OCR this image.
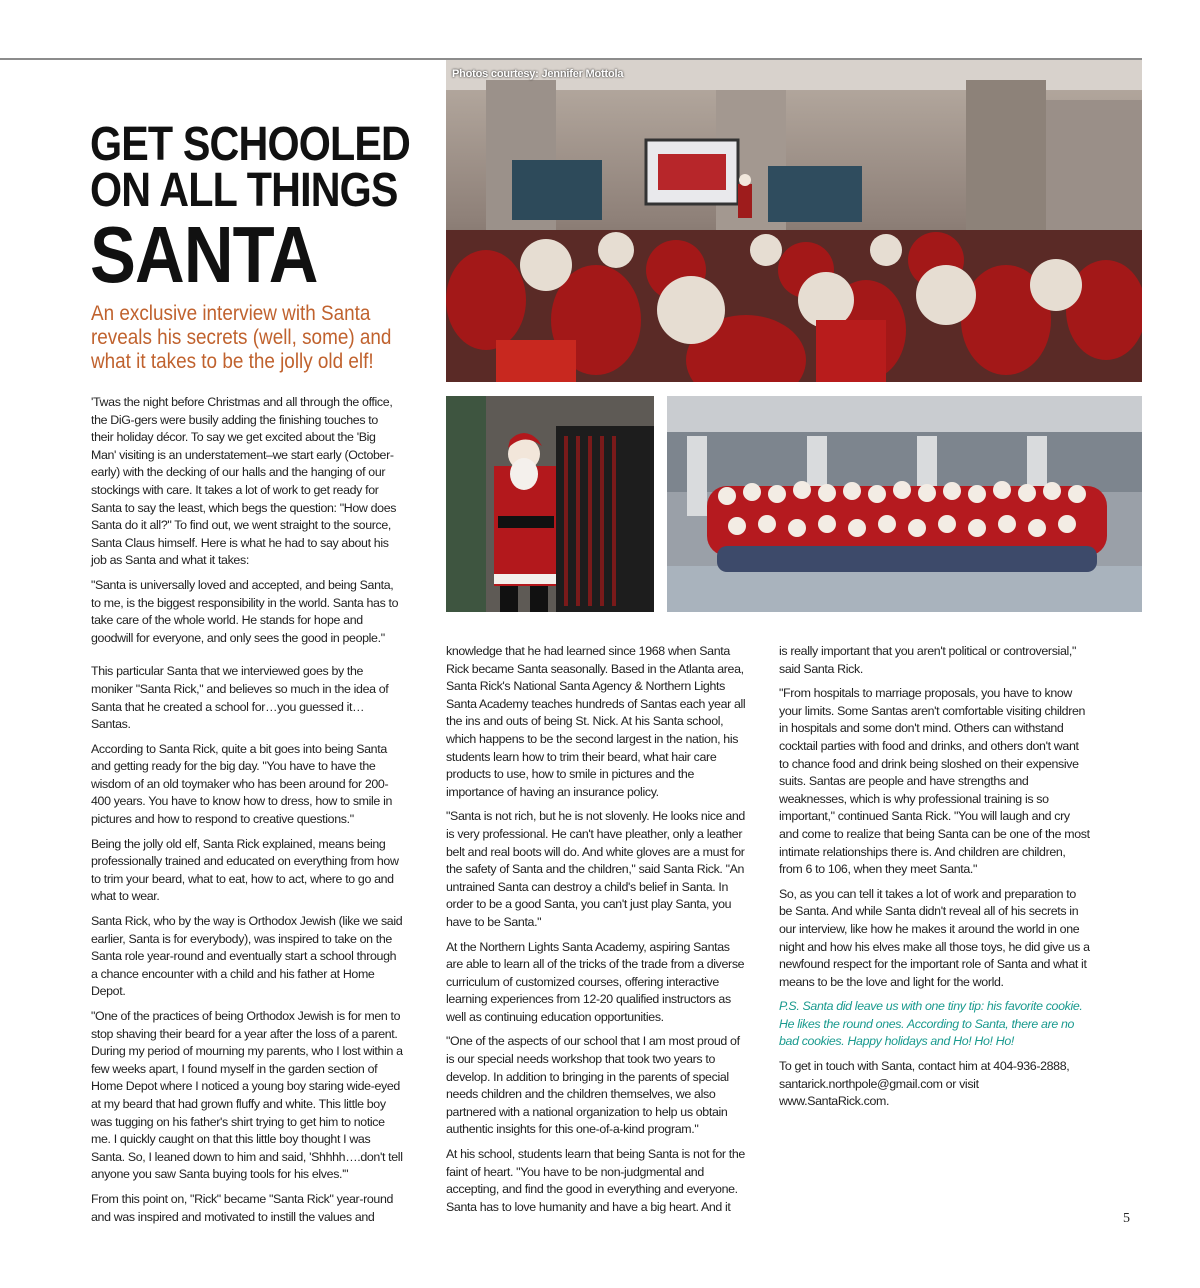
GET SCHOOLED
ON ALL THINGS
SANTA
An exclusive interview with Santa
reveals his secrets (well, some) and
what it takes to be the jolly old elf!

'Twas the night before Christmas and all through the office, the DiG-gers were busily adding the finishing touches to their holiday décor. To say we get excited about the 'Big Man' visiting is an understatement–we start early (October-early) with the decking of our halls and the hanging of our stockings with care. It takes a lot of work to get ready for Santa to say the least, which begs the question: "How does Santa do it all?" To find out, we went straight to the source, Santa Claus himself. Here is what he had to say about his job as Santa and what it takes:

"Santa is universally loved and accepted, and being Santa, to me, is the biggest responsibility in the world. Santa has to take care of the whole world. He stands for hope and goodwill for everyone, and only sees the good in people."

This particular Santa that we interviewed goes by the moniker "Santa Rick," and believes so much in the idea of Santa that he created a school for…you guessed it…Santas.

According to Santa Rick, quite a bit goes into being Santa and getting ready for the big day. "You have to have the wisdom of an old toymaker who has been around for 200-400 years. You have to know how to dress, how to smile in pictures and how to respond to creative questions."

Being the jolly old elf, Santa Rick explained, means being professionally trained and educated on everything from how to trim your beard, what to eat, how to act, where to go and what to wear.

Santa Rick, who by the way is Orthodox Jewish (like we said earlier, Santa is for everybody), was inspired to take on the Santa role year-round and eventually start a school through a chance encounter with a child and his father at Home Depot.

"One of the practices of being Orthodox Jewish is for men to stop shaving their beard for a year after the loss of a parent. During my period of mourning my parents, who I lost within a few weeks apart, I found myself in the garden section of Home Depot where I noticed a young boy staring wide-eyed at my beard that had grown fluffy and white. This little boy was tugging on his father's shirt trying to get him to notice me. I quickly caught on that this little boy thought I was Santa. So, I leaned down to him and said, 'Shhhh….don't tell anyone you saw Santa buying tools for his elves.'"

From this point on, "Rick" became "Santa Rick" year-round and was inspired and motivated to instill the values and

Photos courtesy: Jennifer Mottola

knowledge that he had learned since 1968 when Santa Rick became Santa seasonally. Based in the Atlanta area, Santa Rick's National Santa Agency & Northern Lights Santa Academy teaches hundreds of Santas each year all the ins and outs of being St. Nick. At his Santa school, which happens to be the second largest in the nation, his students learn how to trim their beard, what hair care products to use, how to smile in pictures and the importance of having an insurance policy.

"Santa is not rich, but he is not slovenly. He looks nice and is very professional. He can't have pleather, only a leather belt and real boots will do. And white gloves are a must for the safety of Santa and the children," said Santa Rick. "An untrained Santa can destroy a child's belief in Santa. In order to be a good Santa, you can't just play Santa, you have to be Santa."

At the Northern Lights Santa Academy, aspiring Santas are able to learn all of the tricks of the trade from a diverse curriculum of customized courses, offering interactive learning experiences from 12-20 qualified instructors as well as continuing education opportunities.

"One of the aspects of our school that I am most proud of is our special needs workshop that took two years to develop. In addition to bringing in the parents of special needs children and the children themselves, we also partnered with a national organization to help us obtain authentic insights for this one-of-a-kind program."

At his school, students learn that being Santa is not for the faint of heart. "You have to be non-judgmental and accepting, and find the good in everything and everyone. Santa has to love humanity and have a big heart. And it

is really important that you aren't political or controversial," said Santa Rick.

"From hospitals to marriage proposals, you have to know your limits. Some Santas aren't comfortable visiting children in hospitals and some don't mind. Others can withstand cocktail parties with food and drinks, and others don't want to chance food and drink being sloshed on their expensive suits. Santas are people and have strengths and weaknesses, which is why professional training is so important," continued Santa Rick. "You will laugh and cry and come to realize that being Santa can be one of the most intimate relationships there is. And children are children, from 6 to 106, when they meet Santa."

So, as you can tell it takes a lot of work and preparation to be Santa. And while Santa didn't reveal all of his secrets in our interview, like how he makes it around the world in one night and how his elves make all those toys, he did give us a newfound respect for the important role of Santa and what it means to be the love and light for the world.

P.S. Santa did leave us with one tiny tip: his favorite cookie. He likes the round ones. According to Santa, there are no bad cookies. Happy holidays and Ho! Ho! Ho!

To get in touch with Santa, contact him at 404-936-2888, santarick.northpole@gmail.com or visit www.SantaRick.com.

5
